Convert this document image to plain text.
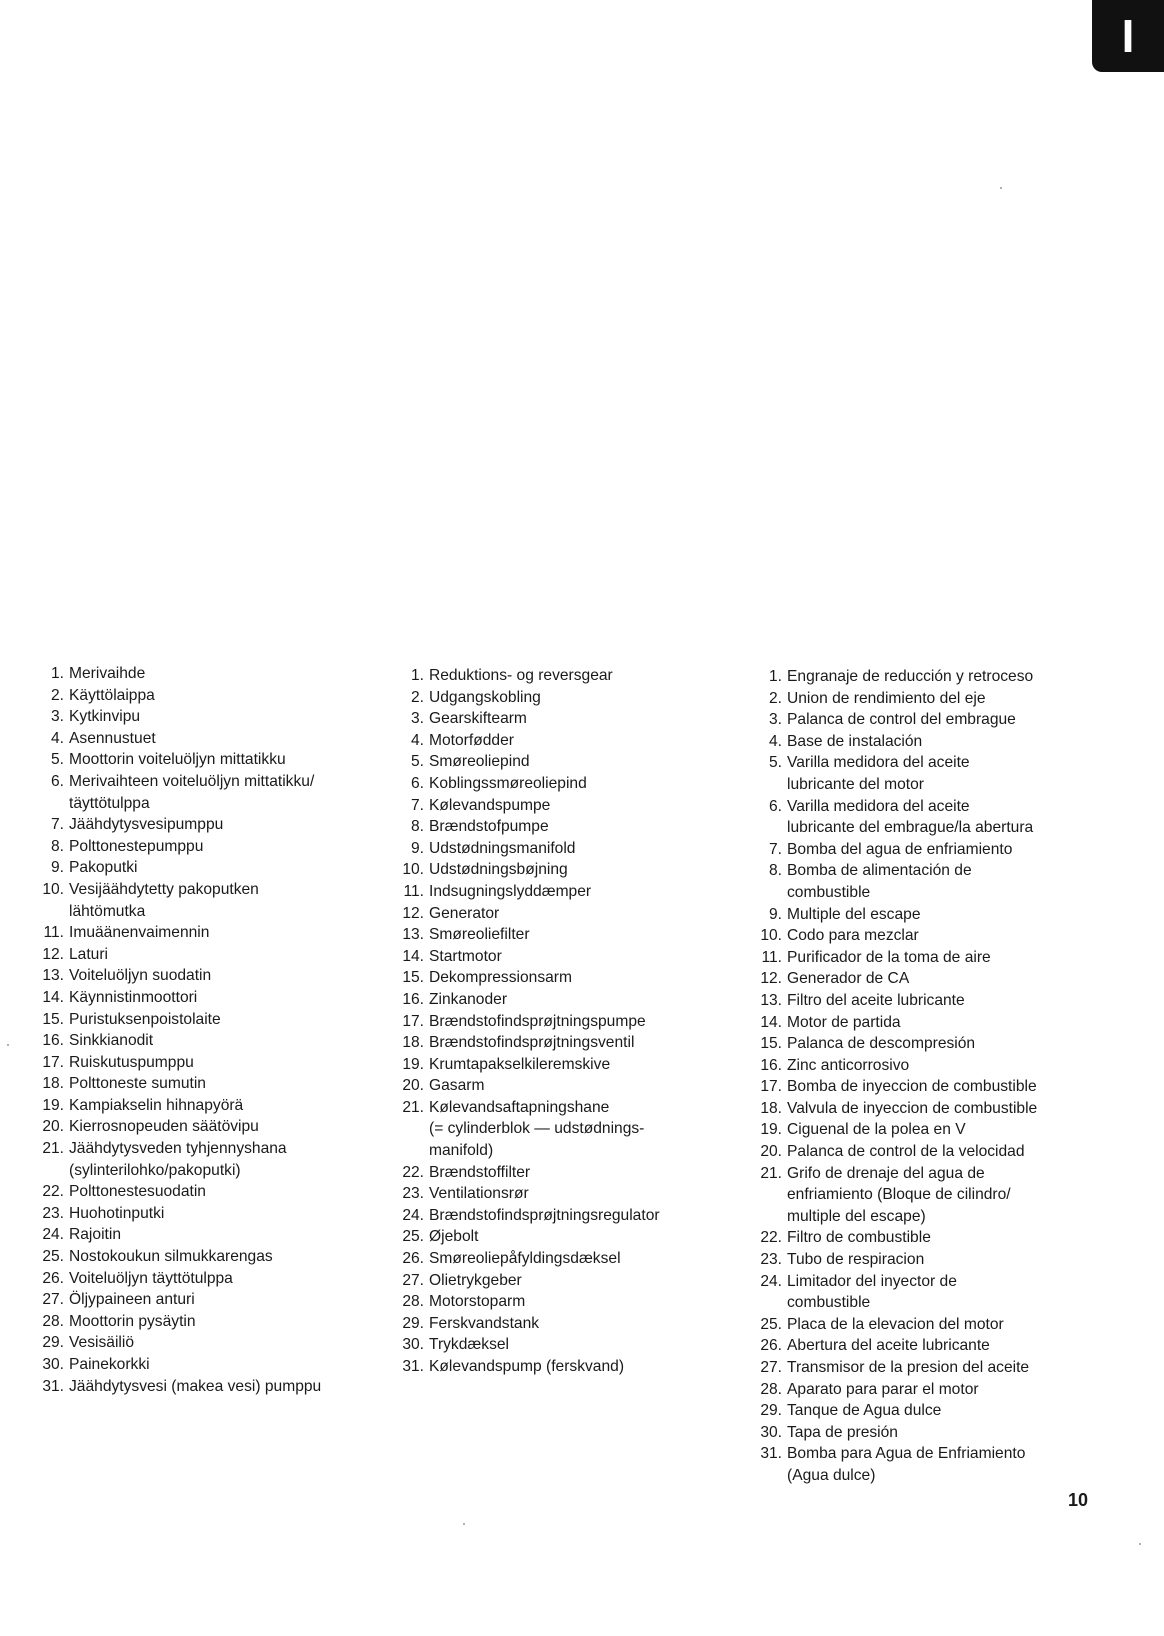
I
1. Merivaihde
2. Käyttölaippa
3. Kytkinvipu
4. Asennustuet
5. Moottorin voiteluöljyn mittatikku
6. Merivaihteen voiteluöljyn mittatikku/
täyttötulppa
7. Jäähdytysvesipumppu
8. Polttonestepumppu
9. Pakoputki
10. Vesijäähdytetty pakoputken
lähtömutka
11. Imuäänenvaimennin
12. Laturi
13. Voiteluöljyn suodatin
14. Käynnistinmoottori
15. Puristuksenpoistolaite
16. Sinkkianodit
17. Ruiskutuspumppu
18. Polttoneste sumutin
19. Kampiakselin hihnapyörä
20. Kierrosnopeuden säätövipu
21. Jäähdytysveden tyhjennyshana
(sylinterilohko/pakoputki)
22. Polttonestesuodatin
23. Huohotinputki
24. Rajoitin
25. Nostokoukun silmukkarengas
26. Voiteluöljyn täyttötulppa
27. Öljypaineen anturi
28. Moottorin pysäytin
29. Vesisäiliö
30. Painekorkki
31. Jäähdytysvesi (makea vesi) pumppu
1. Reduktions- og reversgear
2. Udgangskobling
3. Gearskiftearm
4. Motorfødder
5. Smøreoliepind
6. Koblingssmøreoliepind
7. Kølevandspumpe
8. Brændstofpumpe
9. Udstødningsmanifold
10. Udstødningsbøjning
11. Indsugningslyddæmper
12. Generator
13. Smøreoliefilter
14. Startmotor
15. Dekompressionsarm
16. Zinkanoder
17. Brændstofindsprøjtningspumpe
18. Brændstofindsprøjtningsventil
19. Krumtapakselkileremskive
20. Gasarm
21. Kølevandsaftapningshane
(= cylinderblok — udstødnings-
manifold)
22. Brændstoffilter
23. Ventilationsrør
24. Brændstofindsprøjtningsregulator
25. Øjebolt
26. Smøreoliepåfyldingsdæksel
27. Olietrykgeber
28. Motorstoparm
29. Ferskvandstank
30. Trykdæksel
31. Kølevandspump (ferskvand)
1. Engranaje de reducción y retroceso
2. Union de rendimiento del eje
3. Palanca de control del embrague
4. Base de instalación
5. Varilla medidora del aceite
lubricante del motor
6. Varilla medidora del aceite
lubricante del embrague/la abertura
7. Bomba del agua de enfriamiento
8. Bomba de alimentación de
combustible
9. Multiple del escape
10. Codo para mezclar
11. Purificador de la toma de aire
12. Generador de CA
13. Filtro del aceite lubricante
14. Motor de partida
15. Palanca de descompresión
16. Zinc anticorrosivo
17. Bomba de inyeccion de combustible
18. Valvula de inyeccion de combustible
19. Ciguenal de la polea en V
20. Palanca de control de la velocidad
21. Grifo de drenaje del agua de
enfriamiento (Bloque de cilindro/
multiple del escape)
22. Filtro de combustible
23. Tubo de respiracion
24. Limitador del inyector de
combustible
25. Placa de la elevacion del motor
26. Abertura del aceite lubricante
27. Transmisor de la presion del aceite
28. Aparato para parar el motor
29. Tanque de Agua dulce
30. Tapa de presión
31. Bomba para Agua de Enfriamiento
(Agua dulce)
10
